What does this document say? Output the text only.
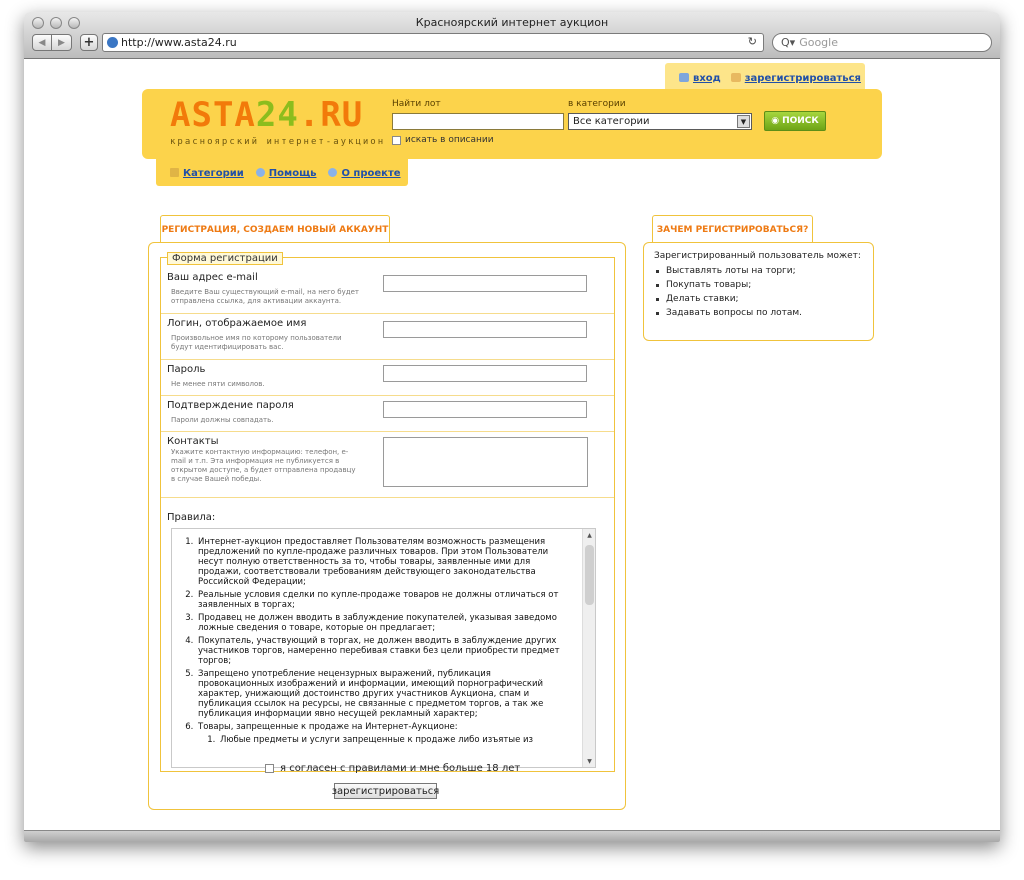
Красноярский интернет аукцион
◀	▶	+	http://www.asta24.ru	↻ Q▾ Google
вход	зарегистрироваться
ASTA24.RU
красноярский интернет-аукцион
Найти лот	в категории
Все категории	▼	◉ ПОИСК
искать в описании
Категории	Помощь	О проекте
РЕГИСТРАЦИЯ, СОЗДАЕМ НОВЫЙ АККАУНТ
Форма регистрации
Ваш адрес e-mail
Введите Ваш существующий e-mail, на него будет отправлена ссылка, для активации аккаунта.
Логин, отображаемое имя
Произвольное имя по которому пользователи будут идентифицировать вас.
Пароль
Не менее пяти символов.
Подтверждение пароля
Пароли должны совпадать.
Контакты
Укажите контактную информацию: телефон, e-mail и т.п. Эта информация не публикуется в открытом доступе, а будет отправлена продавцу в случае Вашей победы.
Правила:
1. Интернет-аукцион предоставляет Пользователям возможность размещения предложений по купле-продаже различных товаров. При этом Пользователи несут полную ответственность за то, чтобы товары, заявленные ими для продажи, соответствовали требованиям действующего законодательства Российской Федерации;
2. Реальные условия сделки по купле-продаже товаров не должны отличаться от заявленных в торгах;
3. Продавец не должен вводить в заблуждение покупателей, указывая заведомо ложные сведения о товаре, которые он предлагает;
4. Покупатель, участвующий в торгах, не должен вводить в заблуждение других участников торгов, намеренно перебивая ставки без цели приобрести предмет торгов;
5. Запрещено употребление нецензурных выражений, публикация провокационных изображений и информации, имеющий порнографический характер, унижающий достоинство других участников Аукциона, спам и публикация ссылок на ресурсы, не связанные с предметом торгов, а так же публикация информации явно несущей рекламный характер;
6. Товары, запрещенные к продаже на Интернет-Аукционе:
1. Любые предметы и услуги запрещенные к продаже либо изъятые из
▲
▼
я согласен с правилами и мне больше 18 лет
зарегистрироваться
ЗАЧЕМ РЕГИСТРИРОВАТЬСЯ?
Зарегистрированный пользователь может:
Выставлять лоты на торги;
Покупать товары;
Делать ставки;
Задавать вопросы по лотам.
